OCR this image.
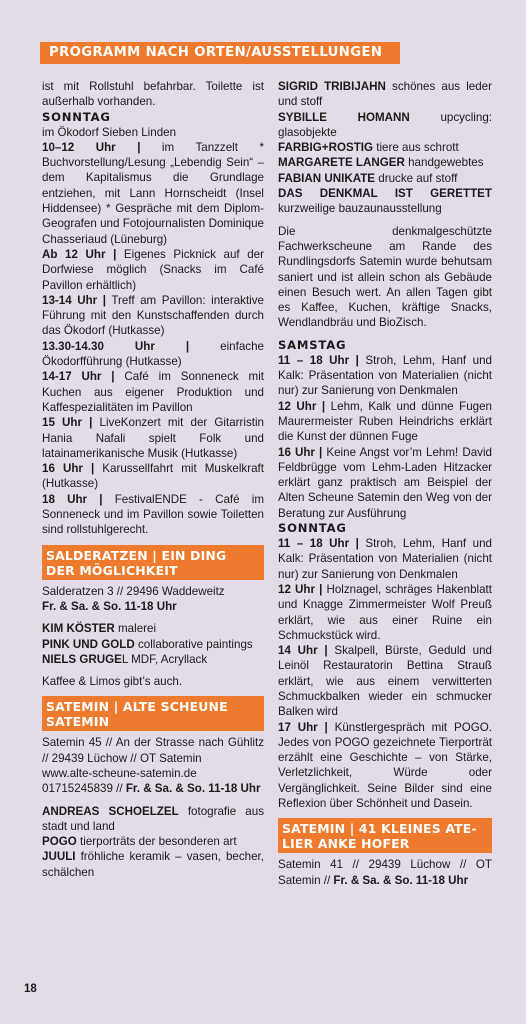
PROGRAMM NACH ORTEN/AUSSTELLUNGEN

ist mit Rollstuhl befahrbar. Toilette ist außerhalb vorhanden.

SONNTAG

im Ökodorf Sieben Linden

10–12 Uhr | im Tanzzelt * Buchvorstellung/Lesung „Lebendig Sein“ – dem Kapitalismus die Grundlage entziehen, mit Lann Hornscheidt (Insel Hiddensee) * Gespräche mit dem Diplom-Geografen und Fotojournalisten Dominique Chasseriaud (Lüneburg)

Ab 12 Uhr | Eigenes Picknick auf der Dorfwiese möglich (Snacks im Café Pavillon erhältlich)

13-14 Uhr | Treff am Pavillon: interaktive Führung mit den Kunstschaffenden durch das Ökodorf (Hutkasse)

13.30-14.30 Uhr | einfache Ökodorfführung (Hutkasse)

14-17 Uhr | Café im Sonneneck mit Kuchen aus eigener Produktion und Kaffespezialitäten im Pavillon

15 Uhr | LiveKonzert mit der Gitarristin Hania Nafali spielt Folk und latainamerikanische Musik (Hutkasse)

16 Uhr | Karussellfahrt mit Muskelkraft (Hutkasse)

18 Uhr | FestivalENDE - Café im Sonneneck und im Pavillon sowie Toiletten sind rollstuhlgerecht.

SALDERATZEN | EIN DING
DER MÖGLICHKEIT

Salderatzen 3 // 29496 Waddeweitz

Fr. & Sa. & So. 11-18 Uhr

KIM KÖSTER malerei

PINK UND GOLD collaborative paintings

NIELS GRUGEL MDF, Acryllack

Kaffee & Limos gibt’s auch.

SATEMIN | ALTE SCHEUNE
SATEMIN

Satemin 45 // An der Strasse nach Gühlitz // 29439 Lüchow // OT Satemin

www.alte-scheune-satemin.de

01715245839 // Fr. & Sa. & So. 11-18 Uhr

ANDREAS SCHOELZEL fotografie aus stadt und land

POGO tierporträts der besonderen art

JUULI fröhliche keramik – vasen, becher, schälchen

SIGRID TRIBIJAHN schönes aus leder und stoff

SYBILLE HOMANN upcycling: glasobjekte

FARBIG+ROSTIG tiere aus schrott

MARGARETE LANGER handgewebtes

FABIAN UNIKATE drucke auf stoff

DAS DENKMAL IST GERETTET kurzweilige bauzaunausstellung

Die denkmalgeschützte Fachwerkscheune am Rande des Rundlingsdorfs Satemin wurde behutsam saniert und ist allein schon als Gebäude einen Besuch wert. An allen Tagen gibt es Kaffee, Kuchen, kräftige Snacks, Wendlandbräu und BioZisch.

SAMSTAG

11 – 18 Uhr | Stroh, Lehm, Hanf und Kalk: Präsentation von Materialien (nicht nur) zur Sanierung von Denkmalen

12 Uhr | Lehm, Kalk und dünne Fugen Maurermeister Ruben Heindrichs erklärt die Kunst der dünnen Fuge

16 Uhr | Keine Angst vor’m Lehm! David Feldbrügge vom Lehm-Laden Hitzacker erklärt ganz praktisch am Beispiel der Alten Scheune Satemin den Weg von der Beratung zur Ausführung

SONNTAG

11 – 18 Uhr | Stroh, Lehm, Hanf und Kalk: Präsentation von Materialien (nicht nur) zur Sanierung von Denkmalen

12 Uhr | Holznagel, schräges Hakenblatt und Knagge Zimmermeister Wolf Preuß erklärt, wie aus einer Ruine ein Schmuckstück wird.

14 Uhr | Skalpell, Bürste, Geduld und Leinöl Restauratorin Bettina Strauß erklärt, wie aus einem verwitterten Schmuckbalken wieder ein schmucker Balken wird

17 Uhr | Künstlergespräch mit POGO. Jedes von POGO gezeichnete Tierporträt erzählt eine Geschichte – von Stärke, Verletzlichkeit, Würde oder Vergänglichkeit. Seine Bilder sind eine Reflexion über Schönheit und Dasein.

SATEMIN | 41 KLEINES ATE-
LIER ANKE HOFER

Satemin 41 // 29439 Lüchow // OT Satemin // Fr. & Sa. & So. 11-18 Uhr

18
